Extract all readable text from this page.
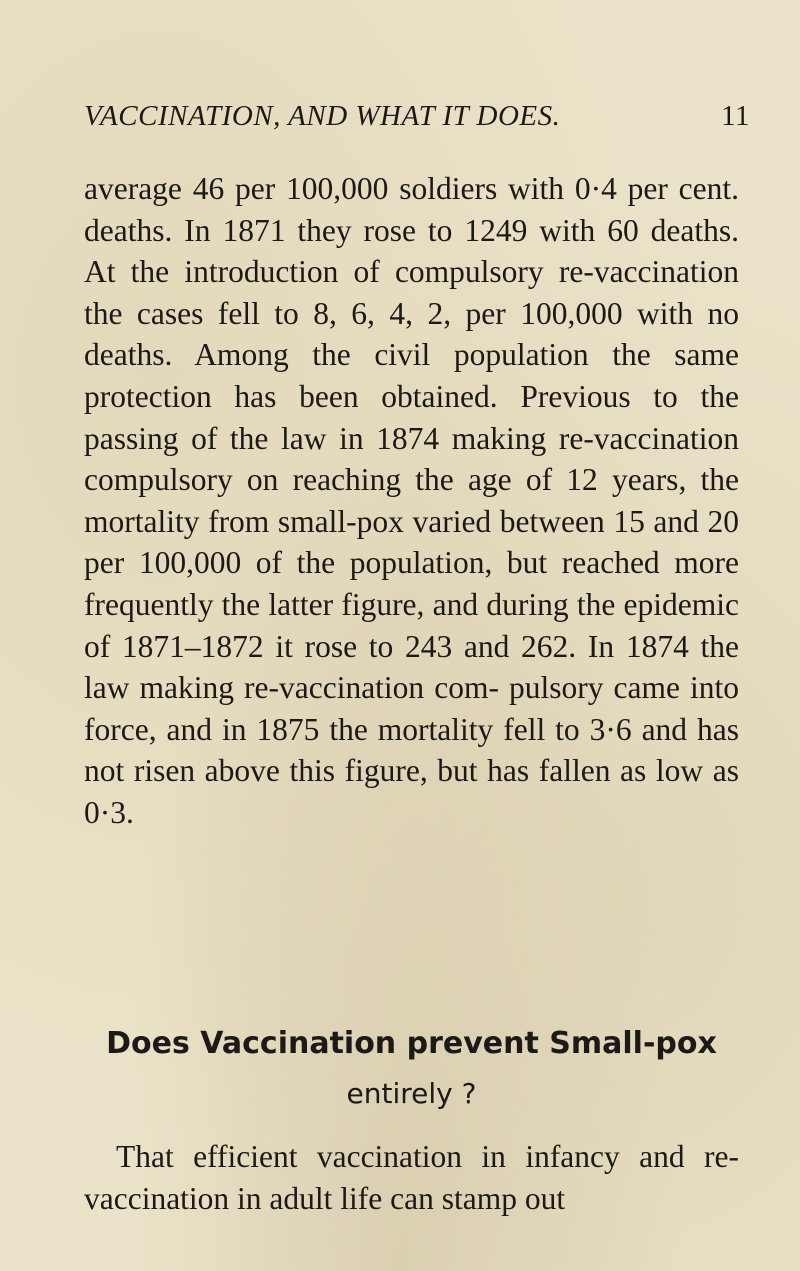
VACCINATION, AND WHAT IT DOES.	11
average 46 per 100,000 soldiers with 0·4 per cent. deaths. In 1871 they rose to 1249 with 60 deaths. At the introduction of compulsory re-vaccination the cases fell to 8, 6, 4, 2, per 100,000 with no deaths. Among the civil population the same protection has been obtained. Previous to the passing of the law in 1874 making re-vaccination compulsory on reaching the age of 12 years, the mortality from small-pox varied between 15 and 20 per 100,000 of the population, but reached more frequently the latter figure, and during the epidemic of 1871–1872 it rose to 243 and 262. In 1874 the law making re-vaccination com- pulsory came into force, and in 1875 the mortality fell to 3·6 and has not risen above this figure, but has fallen as low as 0·3.
Does Vaccination prevent Small-pox
entirely ?
That efficient vaccination in infancy and re-vaccination in adult life can stamp out
